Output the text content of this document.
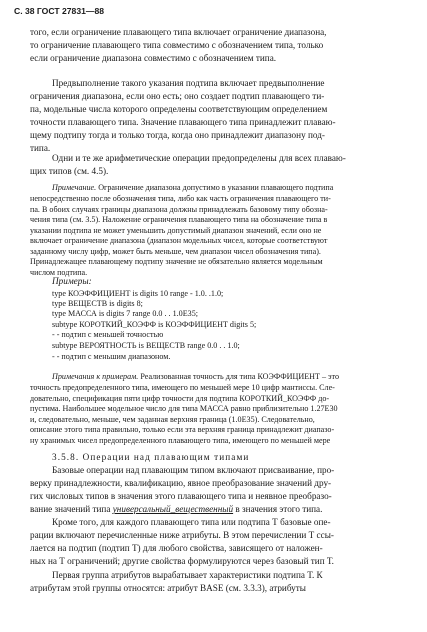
С. 38 ГОСТ 27831—88
того, если ограничение плавающего типа включает ограничение диапазона,
то ограничение плавающего типа совместимо с обозначением типа, только
если ограничение диапазона совместимо с обозначением типа.
Предвыполнение такого указания подтипа включает предвыполнение
ограничения диапазона, если оно есть; оно создает подтип плавающего ти-
па, модельные числа которого определены соответствующим определением
точности плавающего типа. Значение плавающего типа принадлежит плаваю-
щему подтипу тогда и только тогда, когда оно принадлежит диапазону под-
типа.
Одни и те же арифметические операции предопределены для всех плаваю-
щих типов (см. 4.5).
Примечание. Ограничение диапазона допустимо в указании плавающего подтипа
непосредственно после обозначения типа, либо как часть ограничения плавающего ти-
па. В обоих случаях границы диапазона должны принадлежать базовому типу обозна-
чения типа (см. 3.5). Наложение ограничения плавающего типа на обозначение типа в
указании подтипа не может уменьшить допустимый диапазон значений, если оно не
включает ограничение диапазона (диапазон модельных чисел, которые соответствуют
заданному числу цифр, может быть меньше, чем диапазон чисел обозначения типа).
Принадлежащее плавающему подтипу значение не обязательно является модельным
числом подтипа.
Примеры:
type КОЭФФИЦИЕНТ is digits 10 range - 1.0. .1.0;
type ВЕЩЕСТВ is digits 8;
type МАССА is digits 7 range 0.0 . . 1.0E35;
subtype КОРОТКИЙ_КОЭФФ is КОЭФФИЦИЕНТ digits 5;
- - подтип с меньшей точностью
subtype ВЕРОЯТНОСТЬ is ВЕЩЕСТВ range 0.0 . . 1.0;
- - подтип с меньшим диапазоном.
Примечания к примерам. Реализованная точность для типа КОЭФФИЦИЕНТ – это
точность предопределенного типа, имеющего по меньшей мере 10 цифр мантиссы. Сле-
довательно, спецификация пяти цифр точности для подтипа КОРОТКИЙ_КОЭФФ до-
пустима. Наибольшее модельное число для типа МАССА равно приблизительно 1.27E30
и, следовательно, меньше, чем заданная верхняя граница (1.0E35). Следовательно,
описание этого типа правильно, только если эта верхняя граница принадлежит диапазо-
ну хранимых чисел предопределенного плавающего типа, имеющего по меньшей мере
3.5.8. Операции над плавающим типами
Базовые операции над плавающим типом включают присваивание, про-
верку принадлежности, квалификацию, явное преобразование значений дру-
гих числовых типов в значения этого плавающего типа и неявное преобразо-
вание значений типа универсальный_вещественный в значения этого типа.
Кроме того, для каждого плавающего типа или подтипа Т базовые опе-
рации включают перечисленные ниже атрибуты. В этом перечислении Т ссы-
лается на подтип (подтип Т) для любого свойства, зависящего от наложен-
ных на Т ограничений; другие свойства формулируются через базовый тип Т.
Первая группа атрибутов вырабатывает характеристики подтипа Т. К
атрибутам этой группы относятся: атрибут BASE (см. 3.3.3), атрибуты
